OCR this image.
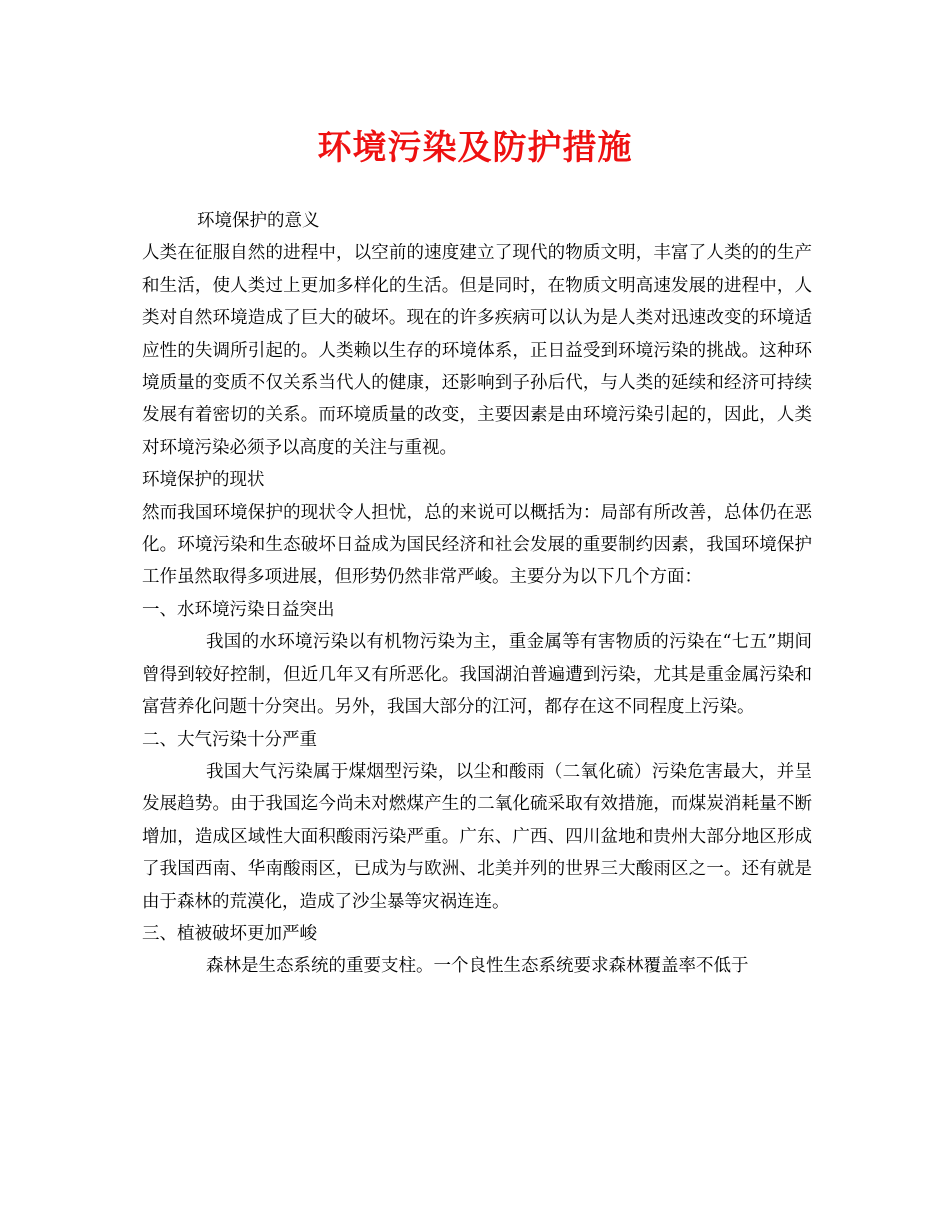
环境污染及防护措施

环境保护的意义

人类在征服自然的进程中，以空前的速度建立了现代的物质文明，丰富了人类的的生产和生活，使人类过上更加多样化的生活。但是同时，在物质文明高速发展的进程中，人类对自然环境造成了巨大的破坏。现在的许多疾病可以认为是人类对迅速改变的环境适应性的失调所引起的。人类赖以生存的环境体系，正日益受到环境污染的挑战。这种环境质量的变质不仅关系当代人的健康，还影响到子孙后代，与人类的延续和经济可持续发展有着密切的关系。而环境质量的改变，主要因素是由环境污染引起的，因此，人类对环境污染必须予以高度的关注与重视。

环境保护的现状

然而我国环境保护的现状令人担忧，总的来说可以概括为：局部有所改善，总体仍在恶化。环境污染和生态破坏日益成为国民经济和社会发展的重要制约因素，我国环境保护工作虽然取得多项进展，但形势仍然非常严峻。主要分为以下几个方面：

一、水环境污染日益突出

我国的水环境污染以有机物污染为主，重金属等有害物质的污染在“七五”期间曾得到较好控制，但近几年又有所恶化。我国湖泊普遍遭到污染，尤其是重金属污染和富营养化问题十分突出。另外，我国大部分的江河，都存在这不同程度上污染。

二、大气污染十分严重

我国大气污染属于煤烟型污染，以尘和酸雨（二氧化硫）污染危害最大，并呈发展趋势。由于我国迄今尚未对燃煤产生的二氧化硫采取有效措施，而煤炭消耗量不断增加，造成区域性大面积酸雨污染严重。广东、广西、四川盆地和贵州大部分地区形成了我国西南、华南酸雨区，已成为与欧洲、北美并列的世界三大酸雨区之一。还有就是由于森林的荒漠化，造成了沙尘暴等灾祸连连。

三、植被破坏更加严峻

森林是生态系统的重要支柱。一个良性生态系统要求森林覆盖率不低于
